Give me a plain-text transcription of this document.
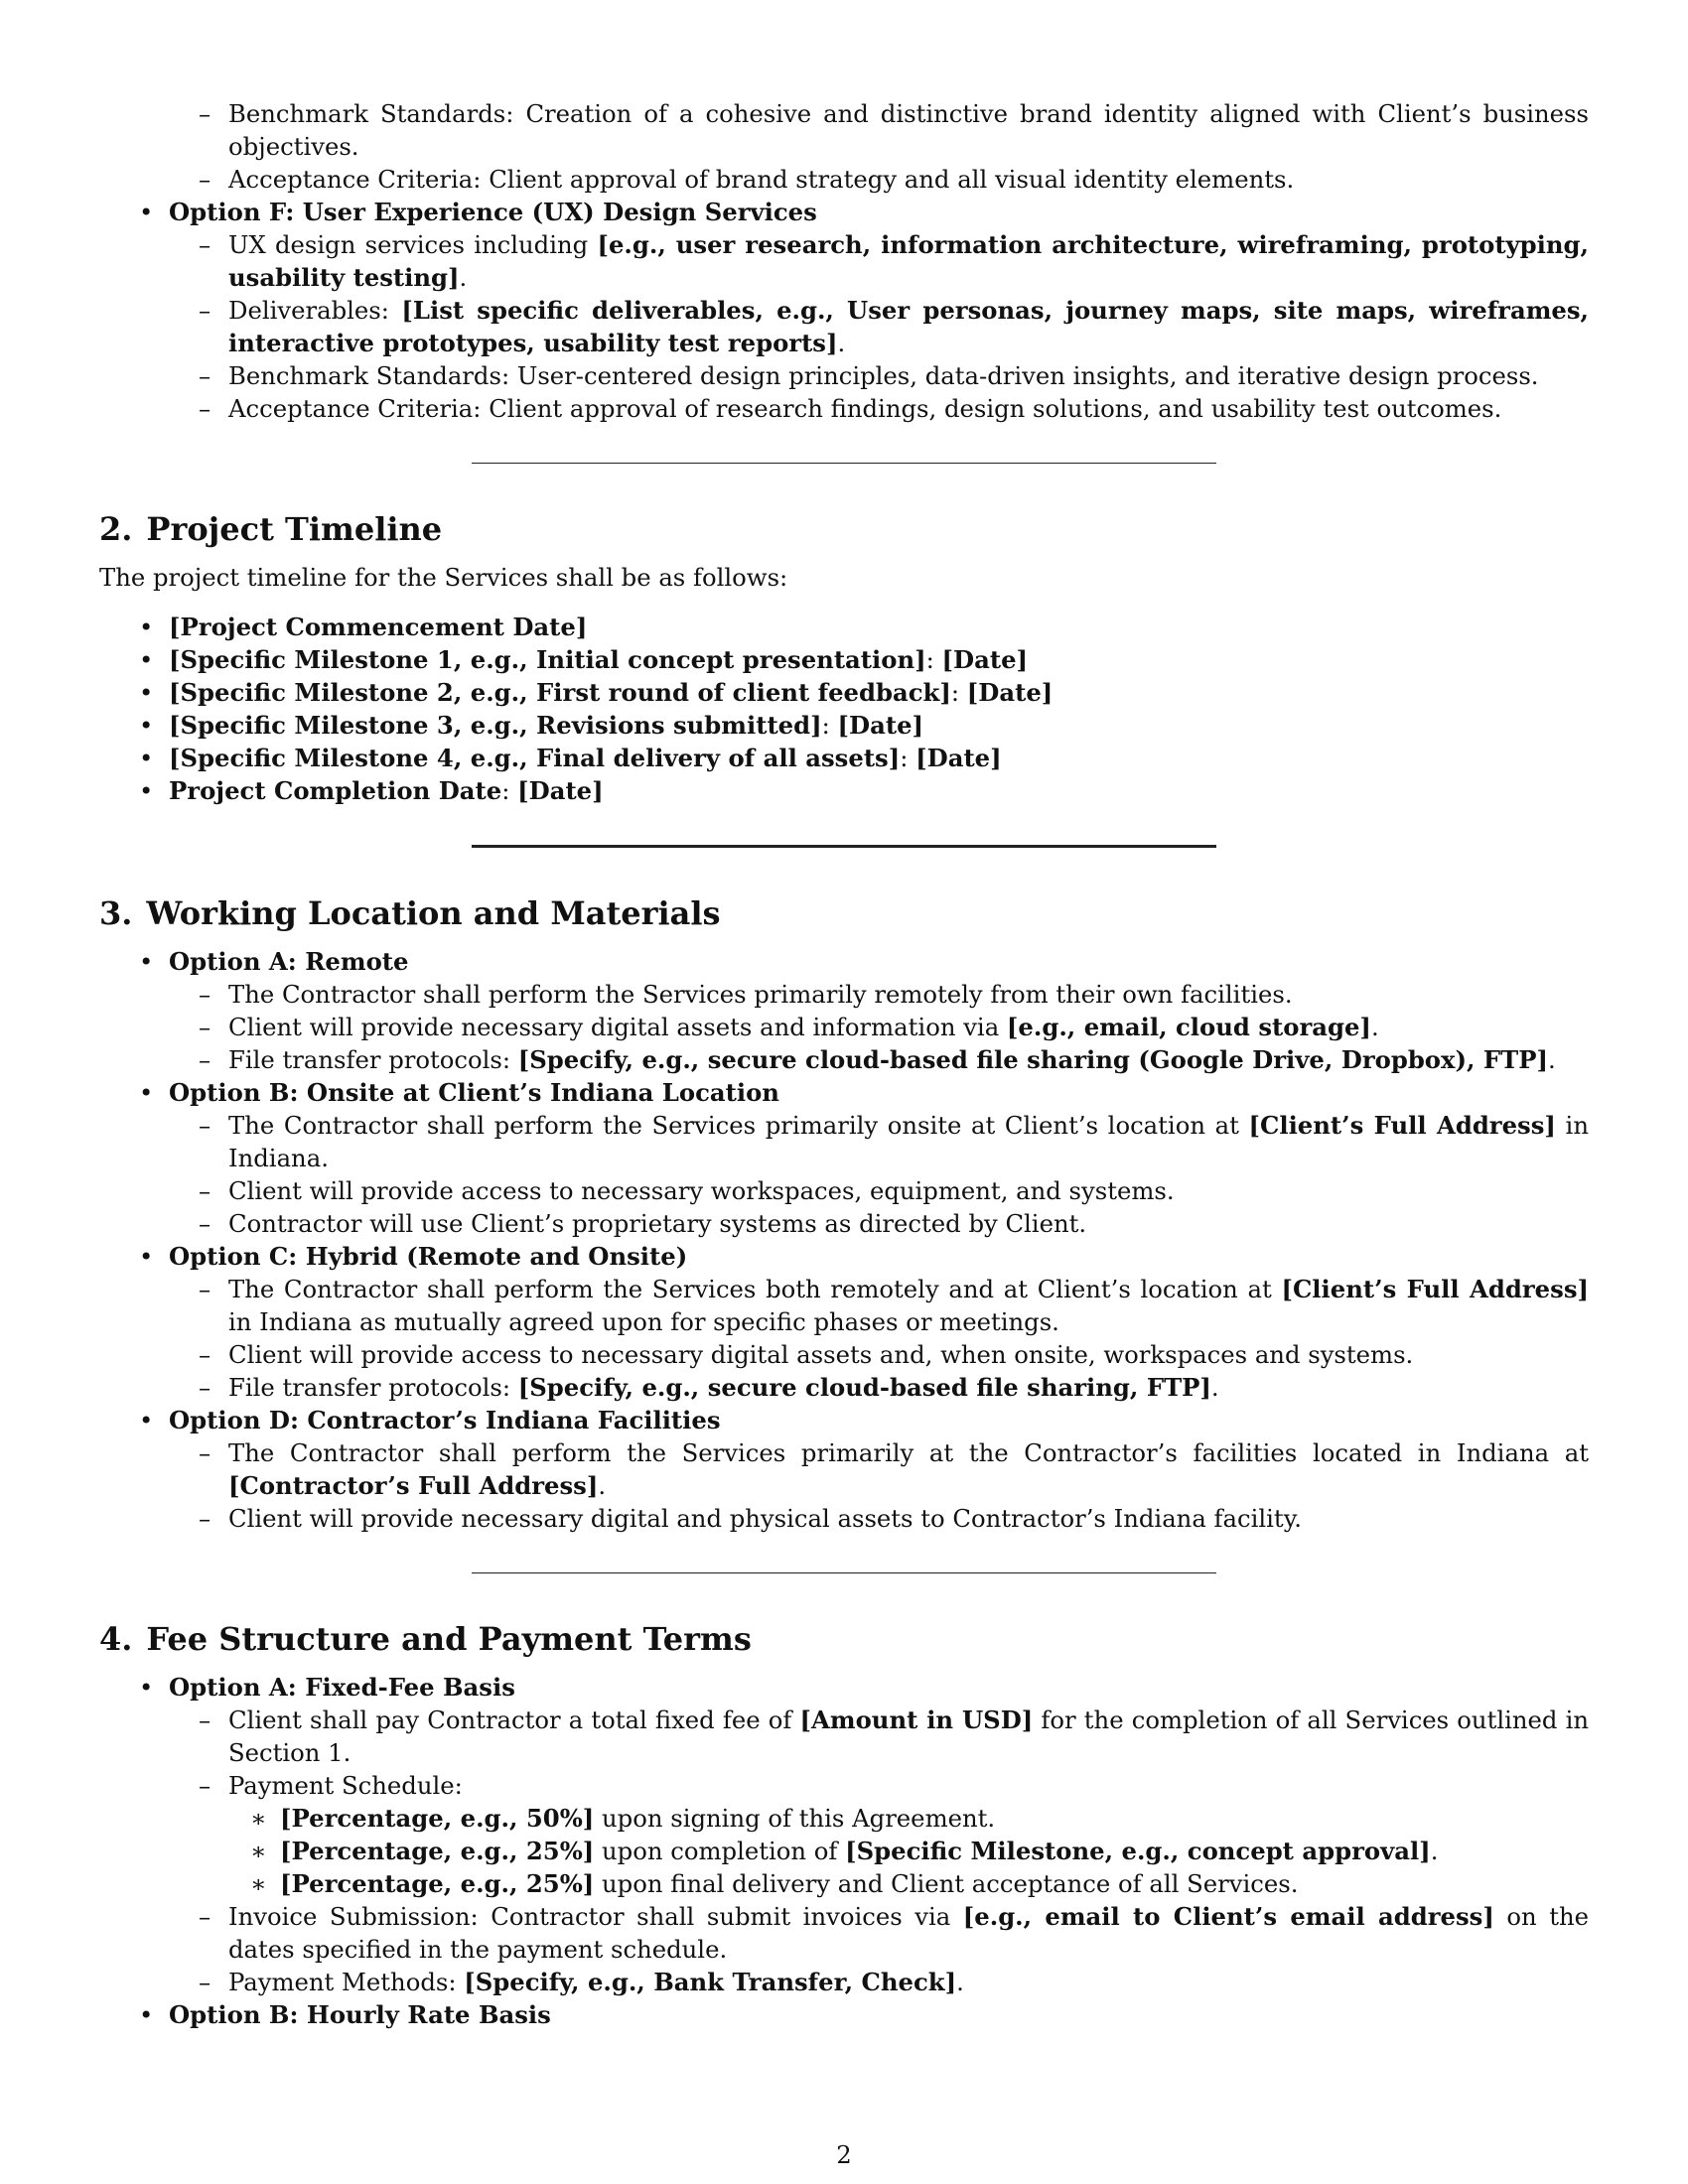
– Benchmark Standards: Creation of a cohesive and distinctive brand identity aligned with Client’s business objectives.
– Acceptance Criteria: Client approval of brand strategy and all visual identity elements.
• Option F: User Experience (UX) Design Services
– UX design services including [e.g., user research, information architecture, wireframing, prototyping, usability testing].
– Deliverables: [List specific deliverables, e.g., User personas, journey maps, site maps, wireframes, interactive prototypes, usability test reports].
– Benchmark Standards: User-centered design principles, data-driven insights, and iterative design process.
– Acceptance Criteria: Client approval of research findings, design solutions, and usability test outcomes.
2. Project Timeline

The project timeline for the Services shall be as follows:

• [Project Commencement Date]
• [Specific Milestone 1, e.g., Initial concept presentation]: [Date]
• [Specific Milestone 2, e.g., First round of client feedback]: [Date]
• [Specific Milestone 3, e.g., Revisions submitted]: [Date]
• [Specific Milestone 4, e.g., Final delivery of all assets]: [Date]
• Project Completion Date: [Date]
3. Working Location and Materials
• Option A: Remote
– The Contractor shall perform the Services primarily remotely from their own facilities.
– Client will provide necessary digital assets and information via [e.g., email, cloud storage].
– File transfer protocols: [Specify, e.g., secure cloud-based file sharing (Google Drive, Dropbox), FTP].
• Option B: Onsite at Client’s Indiana Location
– The Contractor shall perform the Services primarily onsite at Client’s location at [Client’s Full Address] in Indiana.
– Client will provide access to necessary workspaces, equipment, and systems.
– Contractor will use Client’s proprietary systems as directed by Client.
• Option C: Hybrid (Remote and Onsite)
– The Contractor shall perform the Services both remotely and at Client’s location at [Client’s Full Address] in Indiana as mutually agreed upon for specific phases or meetings.
– Client will provide access to necessary digital assets and, when onsite, workspaces and systems.
– File transfer protocols: [Specify, e.g., secure cloud-based file sharing, FTP].
• Option D: Contractor’s Indiana Facilities
– The Contractor shall perform the Services primarily at the Contractor’s facilities located in Indiana at [Contractor’s Full Address].
– Client will provide necessary digital and physical assets to Contractor’s Indiana facility.
4. Fee Structure and Payment Terms
• Option A: Fixed-Fee Basis
– Client shall pay Contractor a total fixed fee of [Amount in USD] for the completion of all Services outlined in Section 1.
– Payment Schedule:
∗ [Percentage, e.g., 50%] upon signing of this Agreement.
∗ [Percentage, e.g., 25%] upon completion of [Specific Milestone, e.g., concept approval].
∗ [Percentage, e.g., 25%] upon final delivery and Client acceptance of all Services.
– Invoice Submission: Contractor shall submit invoices via [e.g., email to Client’s email address] on the dates specified in the payment schedule.
– Payment Methods: [Specify, e.g., Bank Transfer, Check].
• Option B: Hourly Rate Basis
2
